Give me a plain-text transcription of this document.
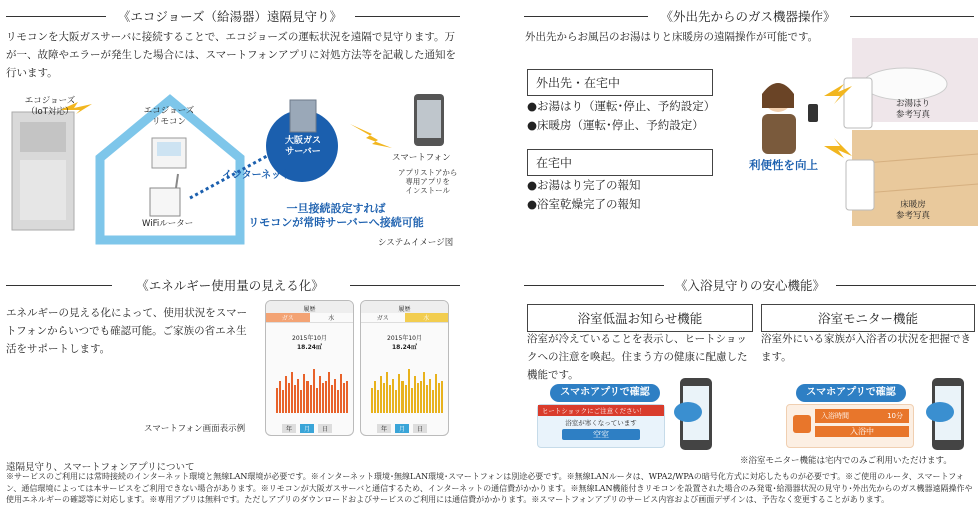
《エコジョーズ（給湯器）遠隔見守り》
リモコンを大阪ガスサーバに接続することで、エコジョーズの運転状況を遠隔で見守ります。万が一、故障やエラーが発生した場合には、スマートフォンアプリに対処方法等を記載した通知を行います。
エコジョーズ
（IoT対応）	エコジョーズ
リモコン
WiFiルーター
大阪ガス
サーバー
インターネット
スマートフォン
アプリストアから
専用アプリを
インストール
一旦接続設定すれば
リモコンが常時サーバーへ接続可能
システムイメージ図
《外出先からのガス機器操作》
外出先からお風呂のお湯はりと床暖房の遠隔操作が可能です。
外出先・在宅中
●お湯はり（運転･停止、予約設定）
●床暖房（運転･停止、予約設定）
在宅中
●お湯はり完了の報知
●浴室乾燥完了の報知
利便性を向上
お湯はり
参考写真
床暖房
参考写真
《エネルギー使用量の見える化》
エネルギーの見える化によって、使用状況をスマートフォンからいつでも確認可能。ご家族の省エネ生活をサポートします。
履歴
ガス	水
2015年10月
18.24㎥
年	月	日
履歴
ガス	水
2015年10月
18.24㎥
年	月	日
スマートフォン画面表示例
《入浴見守りの安心機能》
浴室低温お知らせ機能
浴室が冷えていることを表示し、ヒートショックへの注意を喚起。住まう方の健康に配慮した機能です。
浴室モニター機能
浴室外にいる家族が入浴者の状況を把握できます。
スマホアプリで確認
ヒートショックにご注意ください！
浴室が寒くなっています
空室
スマホアプリで確認
入浴時間	10分
入浴中
※浴室モニター機能は宅内でのみご利用いただけます。
遠隔見守り、スマートフォンアプリについて
※サービスのご利用には常時接続のインターネット環境と無線LAN環境が必要です。※インターネット環境･無線LAN環境･スマートフォンは別途必要です。※無線LANルータは、WPA2/WPAの暗号化方式に対応したものが必要です。※ご使用のルータ、スマートフォン、通信環境によっては本サービスをご利用できない場合があります。※リモコンが大阪ガスサーバと通信するため、インターネットの通信費がかかります。※無線LAN機能付きリモコンを設置された場合のみ発電･給湯器状況の見守り･外出先からのガス機器遠隔操作や使用エネルギーの確認等に対応します。※専用アプリは無料です。ただしアプリのダウンロードおよびサービスのご利用には通信費がかかります。※スマートフォンアプリのサービス内容および画面デザインは、予告なく変更することがあります。
